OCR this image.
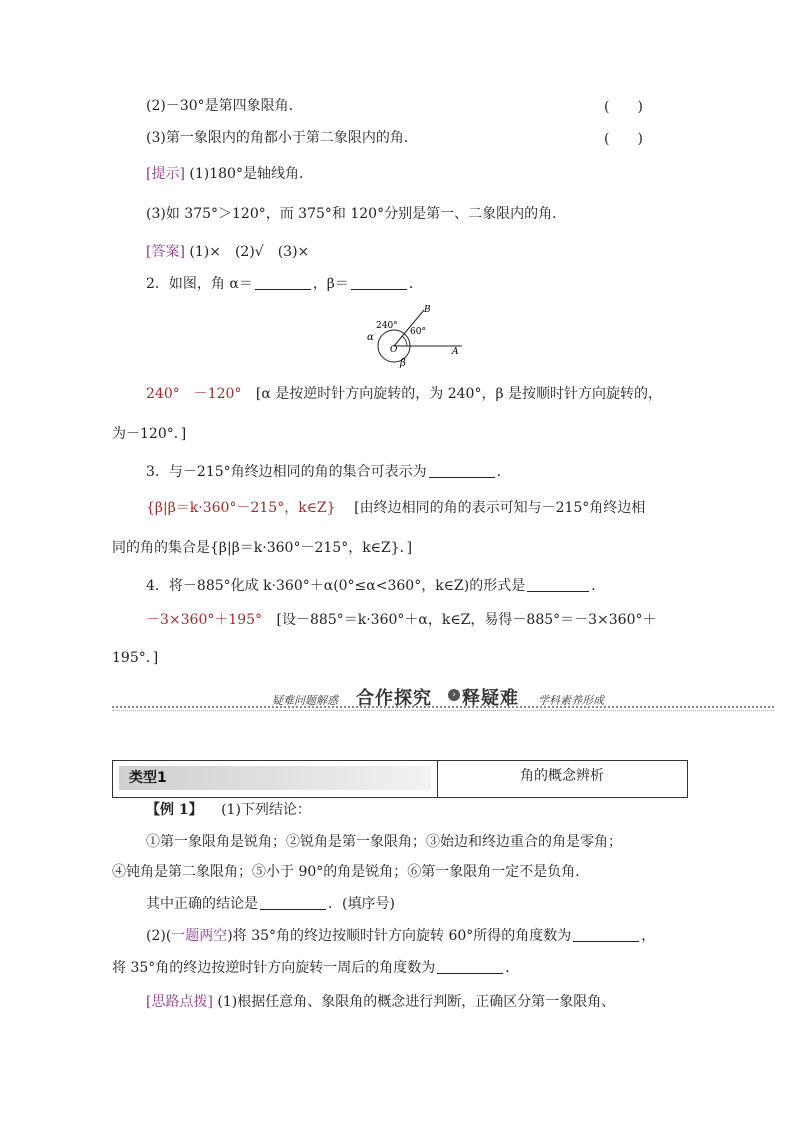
(2)－30°是第四象限角．	(　　)
(3)第一象限内的角都小于第二象限内的角．	(　　)
[提示] (1)180°是轴线角．
(3)如 375°＞120°，而 375°和 120°分别是第一、二象限内的角．
[答案] (1)×　(2)√　(3)×
2．如图，角 α＝	，β＝	．
240°
60°
α
β
O	A
B
240°　－120° [α 是按逆时针方向旋转的，为 240°，β 是按顺时针方向旋转的，
为－120°．]
3．与－215°角终边相同的角的集合可表示为	．
{β|β＝k·360°－215°，k∈Z} [由终边相同的角的表示可知与－215°角终边相
同的角的集合是{β|β＝k·360°－215°，k∈Z}．]
4．将－885°化成 k·360°＋α(0°≤α<360°，k∈Z)的形式是	．
－3×360°＋195° [设－885°＝k·360°＋α，k∈Z，易得－885°＝－3×360°＋
195°．]
疑难问题解惑 合作探究	› 释疑难 学科素养形成
类型1	角的概念辨析
【例 1】 (1)下列结论：
①第一象限角是锐角；②锐角是第一象限角；③始边和终边重合的角是零角；
④钝角是第二象限角；⑤小于 90°的角是锐角；⑥第一象限角一定不是负角．
其中正确的结论是	．(填序号)
(2)(一题两空)将 35°角的终边按顺时针方向旋转 60°所得的角度数为	，
将 35°角的终边按逆时针方向旋转一周后的角度数为	．
[思路点拨] (1)根据任意角、象限角的概念进行判断，正确区分第一象限角、
